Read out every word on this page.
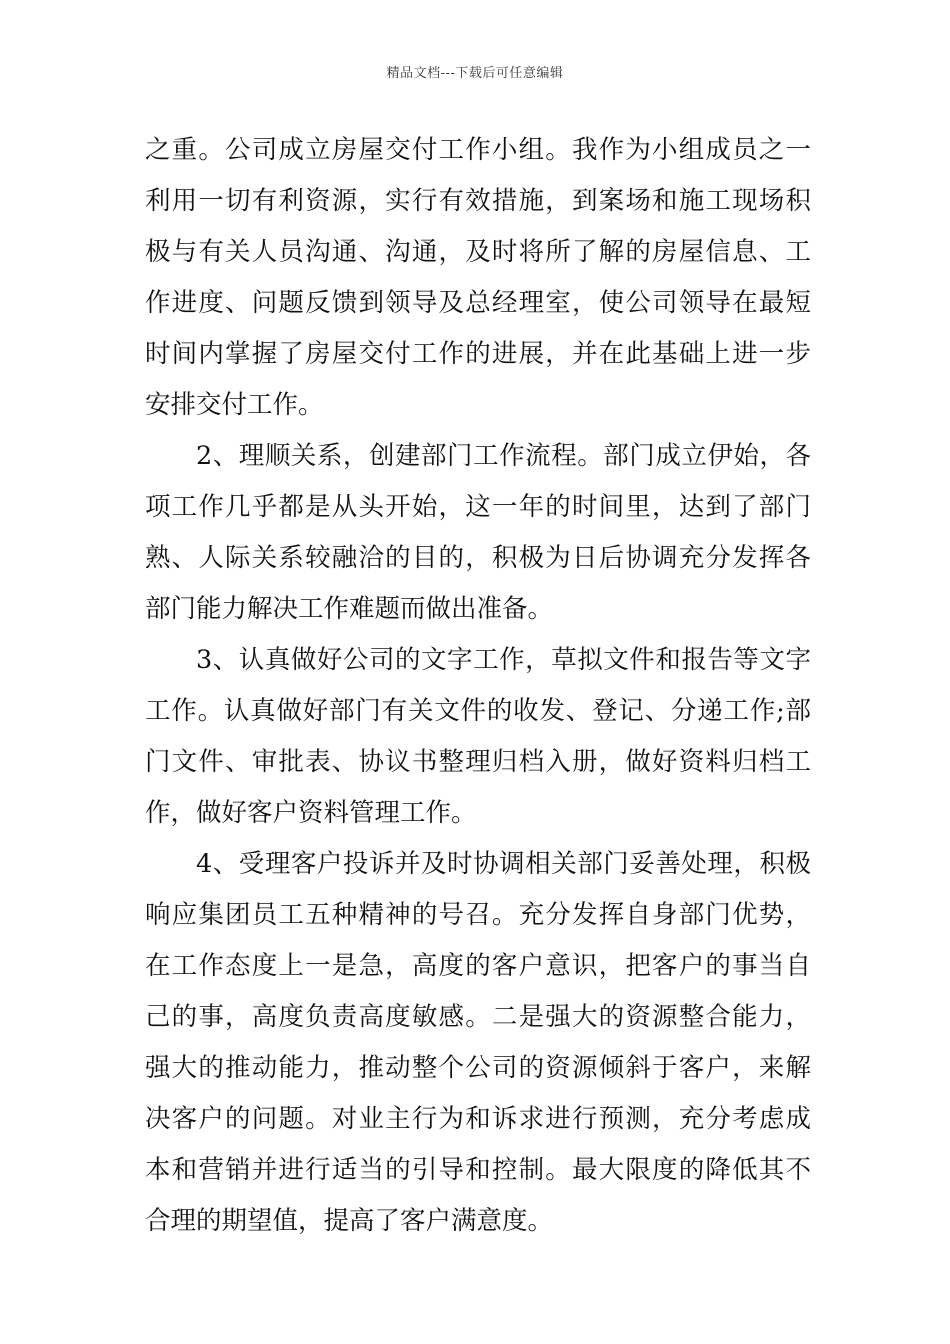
精品文档---下载后可任意编辑
之重。公司成立房屋交付工作小组。我作为小组成员之一
利用一切有利资源，实行有效措施，到案场和施工现场积
极与有关人员沟通、沟通，及时将所了解的房屋信息、工
作进度、问题反馈到领导及总经理室，使公司领导在最短
时间内掌握了房屋交付工作的进展，并在此基础上进一步
安排交付工作。
2、理顺关系，创建部门工作流程。部门成立伊始，各
项工作几乎都是从头开始，这一年的时间里，达到了部门
熟、人际关系较融洽的目的，积极为日后协调充分发挥各
部门能力解决工作难题而做出准备。
3、认真做好公司的文字工作，草拟文件和报告等文字
工作。认真做好部门有关文件的收发、登记、分递工作;部
门文件、审批表、协议书整理归档入册，做好资料归档工
作，做好客户资料管理工作。
4、受理客户投诉并及时协调相关部门妥善处理，积极
响应集团员工五种精神的号召。充分发挥自身部门优势，
在工作态度上一是急，高度的客户意识，把客户的事当自
己的事，高度负责高度敏感。二是强大的资源整合能力，
强大的推动能力，推动整个公司的资源倾斜于客户，来解
决客户的问题。对业主行为和诉求进行预测，充分考虑成
本和营销并进行适当的引导和控制。最大限度的降低其不
合理的期望值，提高了客户满意度。
